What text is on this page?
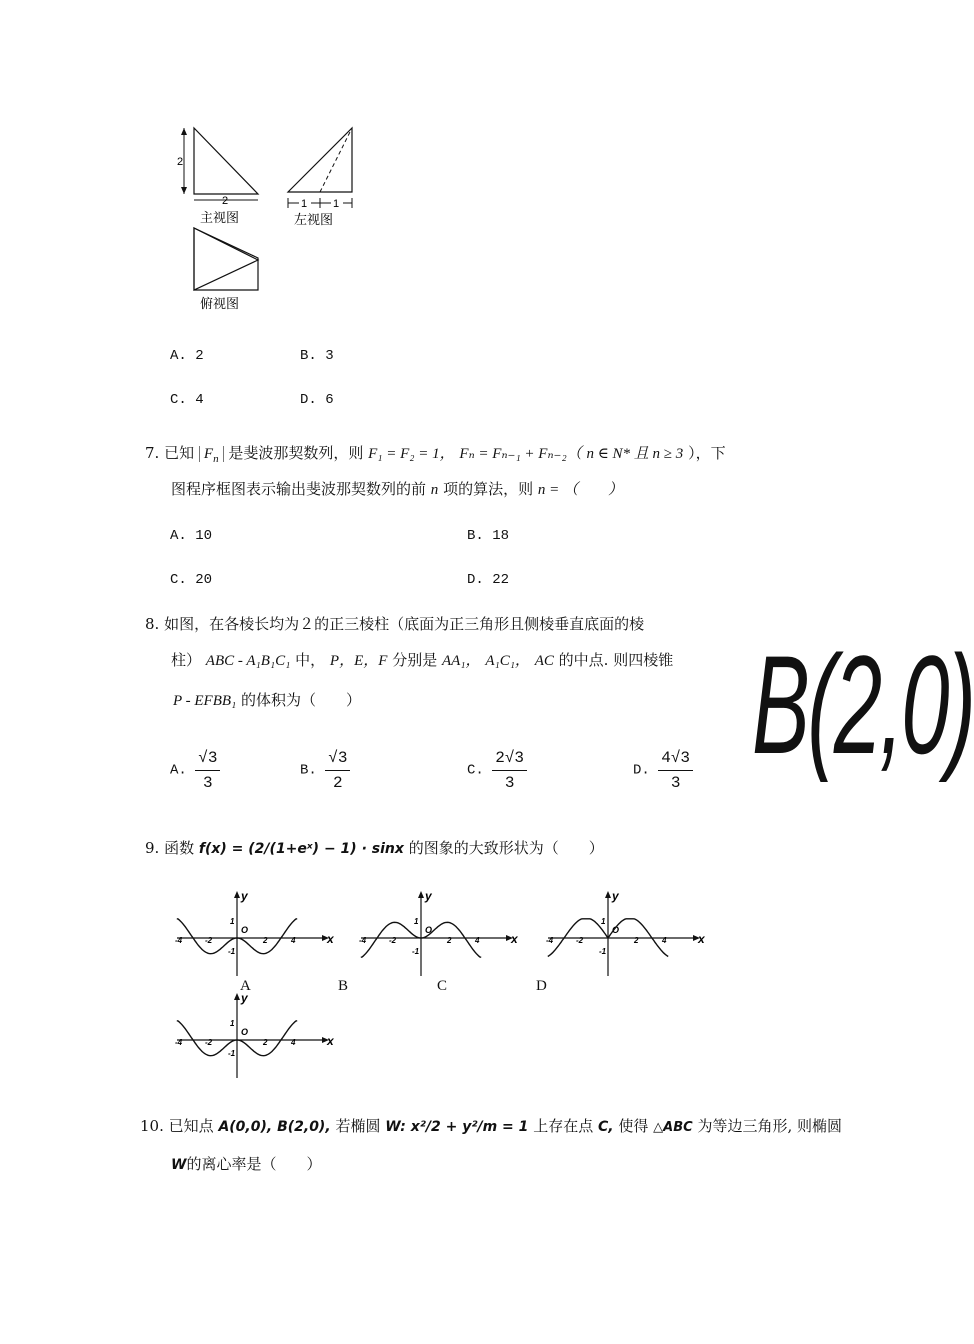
2
2
主视图
1 1
左视图
俯视图
A. 2	B. 3
C. 4	D. 6
7. 已知 $F_n$ 是斐波那契数列，则 F₁ = F₂ = 1， Fₙ = Fₙ₋₁ + Fₙ₋₂（ n ∈ N* 且 n ≥ 3 ），下
图程序框图表示输出斐波那契数列的前 n 项的算法，则 n = （　　）
A. 10	B. 18
C. 20	D. 22
8. 如图，在各棱长均为２的正三棱柱（底面为正三角形且侧棱垂直底面的棱
柱） ABC - A₁B₁C₁ 中， P，E，F 分别是 AA₁， A₁C₁， AC 的中点. 则四棱锥
P - EFBB₁ 的体积为（　　）
A. $\frac{√3}{3}$	B. $\frac{√3}{2}$	C. $\frac{2√3}{3}$	D. $\frac{4√3}{3} B(2,0)$
9. 函数 f(x) = (2/(1+eˣ) − 1) · sinx 的图象的大致形状为（　　）
x
y
O
1
-1
-4	-2	2	4	x
y
O
1
-1
-4	-2	2	4	x
y
O
1
-1
-4	-2	2	4
x
y
O
1
-1
-4	-2	2	4
A	B	C	D
10. 已知点 A(0,0), B(2,0), 若椭圆 W: x²/2 + y²/m = 1 上存在点 C, 使得 △ABC 为等边三角形, 则椭圆
W的离心率是（　　）
